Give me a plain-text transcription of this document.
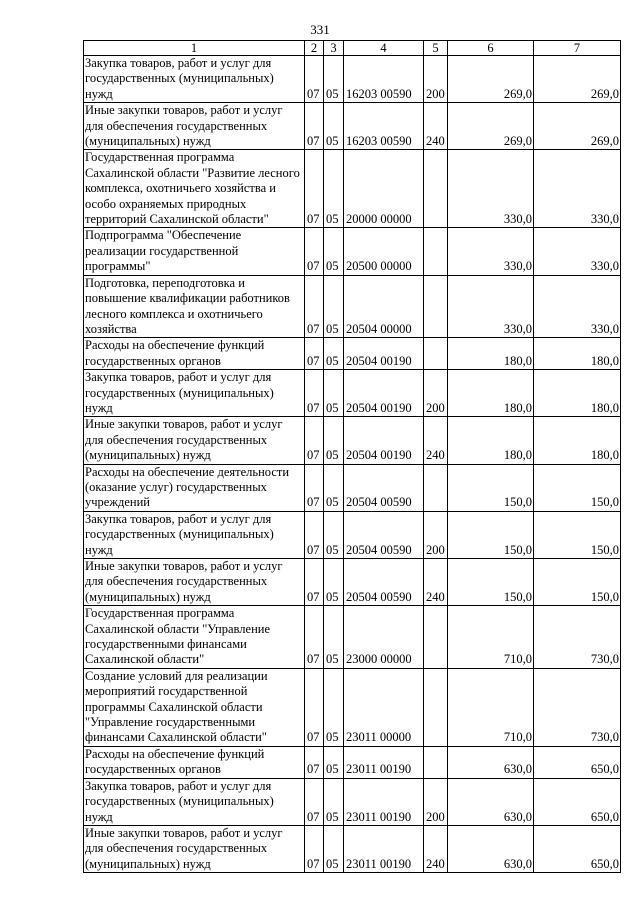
331
1	2	3	4	5	6	7
Закупка товаров, работ и услуг для государственных (муниципальных) нужд	07	05	16203 00590	200	269,0	269,0
Иные закупки товаров, работ и услуг для обеспечения государственных (муниципальных) нужд	07	05	16203 00590	240	269,0	269,0
Государственная программа Сахалинской области "Развитие лесного комплекса, охотничьего хозяйства и особо охраняемых природных территорий Сахалинской области"	07	05	20000 00000		330,0	330,0
Подпрограмма "Обеспечение реализации государственной программы"	07	05	20500 00000		330,0	330,0
Подготовка, переподготовка и повышение квалификации работников лесного комплекса и охотничьего хозяйства	07	05	20504 00000		330,0	330,0
Расходы на обеспечение функций государственных органов	07	05	20504 00190		180,0	180,0
Закупка товаров, работ и услуг для государственных (муниципальных) нужд	07	05	20504 00190	200	180,0	180,0
Иные закупки товаров, работ и услуг для обеспечения государственных (муниципальных) нужд	07	05	20504 00190	240	180,0	180,0
Расходы на обеспечение деятельности (оказание услуг) государственных учреждений	07	05	20504 00590		150,0	150,0
Закупка товаров, работ и услуг для государственных (муниципальных) нужд	07	05	20504 00590	200	150,0	150,0
Иные закупки товаров, работ и услуг для обеспечения государственных (муниципальных) нужд	07	05	20504 00590	240	150,0	150,0
Государственная программа Сахалинской области "Управление государственными финансами Сахалинской области"	07	05	23000 00000		710,0	730,0
Создание условий для реализации мероприятий государственной программы Сахалинской области "Управление государственными финансами Сахалинской области"	07	05	23011 00000		710,0	730,0
Расходы на обеспечение функций государственных органов	07	05	23011 00190		630,0	650,0
Закупка товаров, работ и услуг для государственных (муниципальных) нужд	07	05	23011 00190	200	630,0	650,0
Иные закупки товаров, работ и услуг для обеспечения государственных (муниципальных) нужд	07	05	23011 00190	240	630,0	650,0
